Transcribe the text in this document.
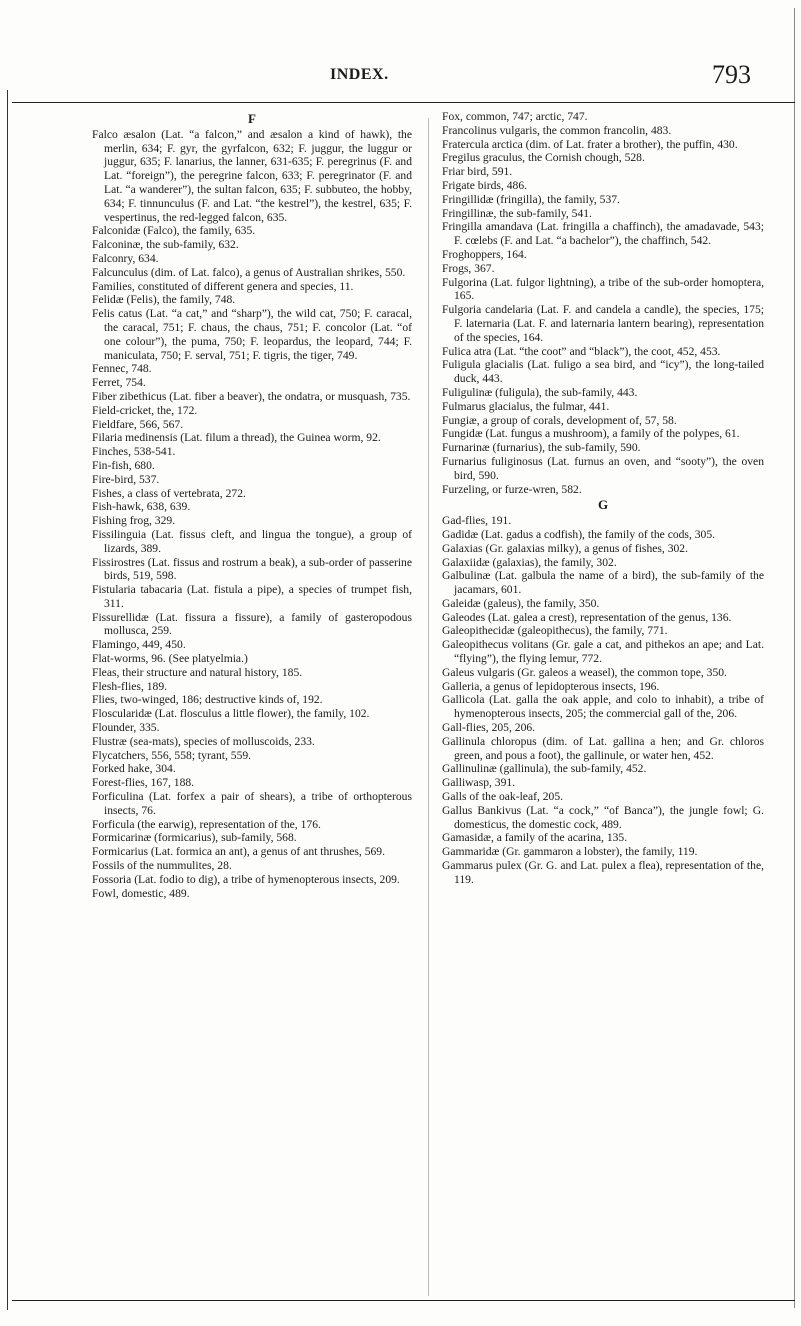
INDEX.	793
F

Falco æsalon (Lat. “a falcon,” and æsalon a kind of hawk), the merlin, 634; F. gyr, the gyrfalcon, 632; F. juggur, the luggur or juggur, 635; F. lanarius, the lanner, 631-635; F. peregrinus (F. and Lat. “foreign”), the peregrine falcon, 633; F. peregrinator (F. and Lat. “a wanderer”), the sultan falcon, 635; F. subbuteo, the hobby, 634; F. tinnunculus (F. and Lat. “the kestrel”), the kestrel, 635; F. vespertinus, the red-legged falcon, 635.

Falconidæ (Falco), the family, 635.

Falconinæ, the sub-family, 632.

Falconry, 634.

Falcunculus (dim. of Lat. falco), a genus of Australian shrikes, 550.

Families, constituted of different genera and species, 11.

Felidæ (Felis), the family, 748.

Felis catus (Lat. “a cat,” and “sharp”), the wild cat, 750; F. caracal, the caracal, 751; F. chaus, the chaus, 751; F. concolor (Lat. “of one colour”), the puma, 750; F. leopardus, the leopard, 744; F. maniculata, 750; F. serval, 751; F. tigris, the tiger, 749.

Fennec, 748.

Ferret, 754.

Fiber zibethicus (Lat. fiber a beaver), the ondatra, or musquash, 735.

Field-cricket, the, 172.

Fieldfare, 566, 567.

Filaria medinensis (Lat. filum a thread), the Guinea worm, 92.

Finches, 538-541.

Fin-fish, 680.

Fire-bird, 537.

Fishes, a class of vertebrata, 272.

Fish-hawk, 638, 639.

Fishing frog, 329.

Fissilinguia (Lat. fissus cleft, and lingua the tongue), a group of lizards, 389.

Fissirostres (Lat. fissus and rostrum a beak), a sub-order of passerine birds, 519, 598.

Fistularia tabacaria (Lat. fistula a pipe), a species of trumpet fish, 311.

Fissurellidæ (Lat. fissura a fissure), a family of gasteropodous mollusca, 259.

Flamingo, 449, 450.

Flat-worms, 96. (See platyelmia.)

Fleas, their structure and natural history, 185.

Flesh-flies, 189.

Flies, two-winged, 186; destructive kinds of, 192.

Floscularidæ (Lat. flosculus a little flower), the family, 102.

Flounder, 335.

Flustræ (sea-mats), species of molluscoids, 233.

Flycatchers, 556, 558; tyrant, 559.

Forked hake, 304.

Forest-flies, 167, 188.

Forficulina (Lat. forfex a pair of shears), a tribe of orthopterous insects, 76.

Forficula (the earwig), representation of the, 176.

Formicarinæ (formicarius), sub-family, 568.

Formicarius (Lat. formica an ant), a genus of ant thrushes, 569.

Fossils of the nummulites, 28.

Fossoria (Lat. fodio to dig), a tribe of hymenopterous insects, 209.

Fowl, domestic, 489.

Fox, common, 747; arctic, 747.

Francolinus vulgaris, the common francolin, 483.

Fratercula arctica (dim. of Lat. frater a brother), the puffin, 430.

Fregilus graculus, the Cornish chough, 528.

Friar bird, 591.

Frigate birds, 486.

Fringillidæ (fringilla), the family, 537.

Fringillinæ, the sub-family, 541.

Fringilla amandava (Lat. fringilla a chaffinch), the amadavade, 543; F. cœlebs (F. and Lat. “a bachelor”), the chaffinch, 542.

Froghoppers, 164.

Frogs, 367.

Fulgorina (Lat. fulgor lightning), a tribe of the sub-order homoptera, 165.

Fulgoria candelaria (Lat. F. and candela a candle), the species, 175; F. laternaria (Lat. F. and laternaria lantern bearing), representation of the species, 164.

Fulica atra (Lat. “the coot” and “black”), the coot, 452, 453.

Fuligula glacialis (Lat. fuligo a sea bird, and “icy”), the long-tailed duck, 443.

Fuligulinæ (fuligula), the sub-family, 443.

Fulmarus glacialus, the fulmar, 441.

Fungiæ, a group of corals, development of, 57, 58.

Fungidæ (Lat. fungus a mushroom), a family of the polypes, 61.

Furnarinæ (furnarius), the sub-family, 590.

Furnarius fuliginosus (Lat. furnus an oven, and “sooty”), the oven bird, 590.

Furzeling, or furze-wren, 582.

G

Gad-flies, 191.

Gadidæ (Lat. gadus a codfish), the family of the cods, 305.

Galaxias (Gr. galaxias milky), a genus of fishes, 302.

Galaxiidæ (galaxias), the family, 302.

Galbulinæ (Lat. galbula the name of a bird), the sub-family of the jacamars, 601.

Galeidæ (galeus), the family, 350.

Galeodes (Lat. galea a crest), representation of the genus, 136.

Galeopithecidæ (galeopithecus), the family, 771.

Galeopithecus volitans (Gr. gale a cat, and pithekos an ape; and Lat. “flying”), the flying lemur, 772.

Galeus vulgaris (Gr. galeos a weasel), the common tope, 350.

Galleria, a genus of lepidopterous insects, 196.

Gallicola (Lat. galla the oak apple, and colo to inhabit), a tribe of hymenopterous insects, 205; the commercial gall of the, 206.

Gall-flies, 205, 206.

Gallinula chloropus (dim. of Lat. gallina a hen; and Gr. chloros green, and pous a foot), the gallinule, or water hen, 452.

Gallinulinæ (gallinula), the sub-family, 452.

Galliwasp, 391.

Galls of the oak-leaf, 205.

Gallus Bankivus (Lat. “a cock,” “of Banca”), the jungle fowl; G. domesticus, the domestic cock, 489.

Gamasidæ, a family of the acarina, 135.

Gammaridæ (Gr. gammaron a lobster), the family, 119.

Gammarus pulex (Gr. G. and Lat. pulex a flea), representation of the, 119.
